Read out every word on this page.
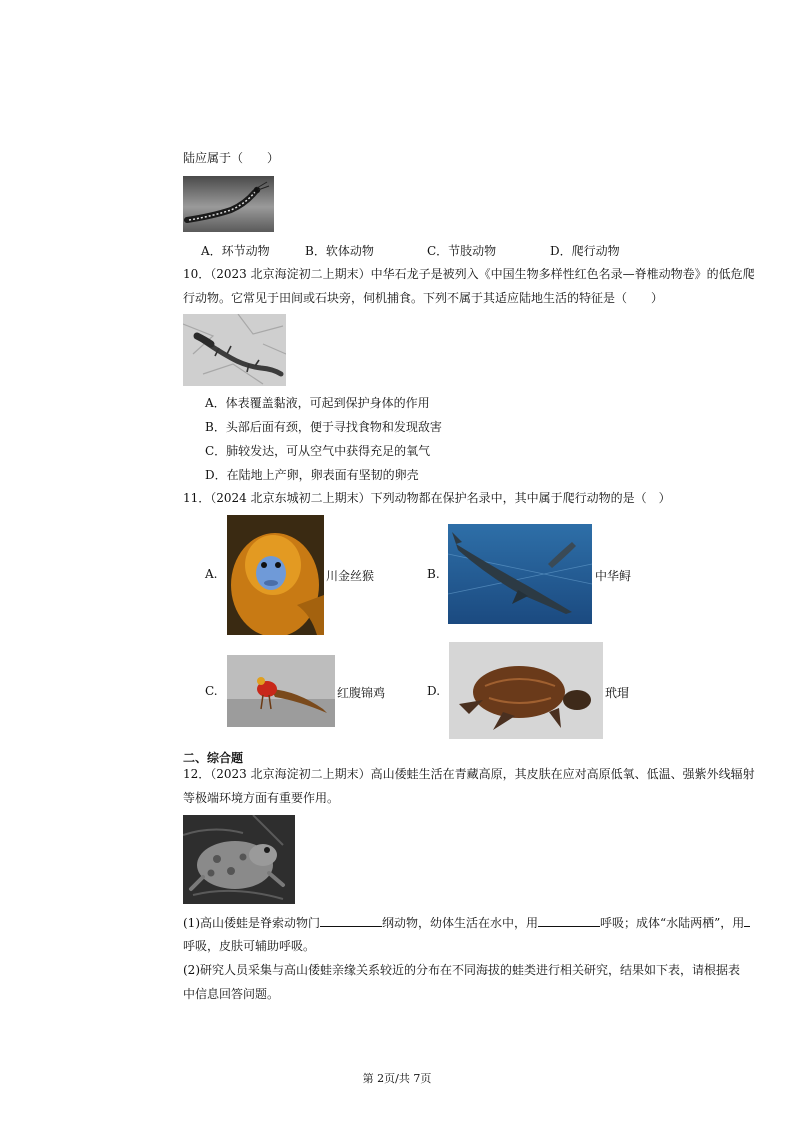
陆应属于（　　）
A．环节动物	B．软体动物	C．节肢动物	D．爬行动物
10．（2023 北京海淀初二上期末）中华石龙子是被列入《中国生物多样性红色名录—脊椎动物卷》的低危爬
行动物。它常见于田间或石块旁，伺机捕食。下列不属于其适应陆地生活的特征是（　　）
A．体表覆盖黏液，可起到保护身体的作用
B．头部后面有颈，便于寻找食物和发现敌害
C．肺较发达，可从空气中获得充足的氧气
D．在陆地上产卵，卵表面有坚韧的卵壳
11．（2024 北京东城初二上期末）下列动物都在保护名录中，其中属于爬行动物的是（　）
A.	川金丝猴	B.	中华鲟
C.	红腹锦鸡	D.	玳瑁
二、综合题
12．（2023 北京海淀初二上期末）高山倭蛙生活在青藏高原，其皮肤在应对高原低氧、低温、强紫外线辐射
等极端环境方面有重要作用。
(1)高山倭蛙是脊索动物门	纲动物，幼体生活在水中，用	呼吸；成体“水陆两栖”，用
呼吸，皮肤可辅助呼吸。
(2)研究人员采集与高山倭蛙亲缘关系较近的分布在不同海拔的蛙类进行相关研究，结果如下表，请根据表
中信息回答问题。
第 2页/共 7页
